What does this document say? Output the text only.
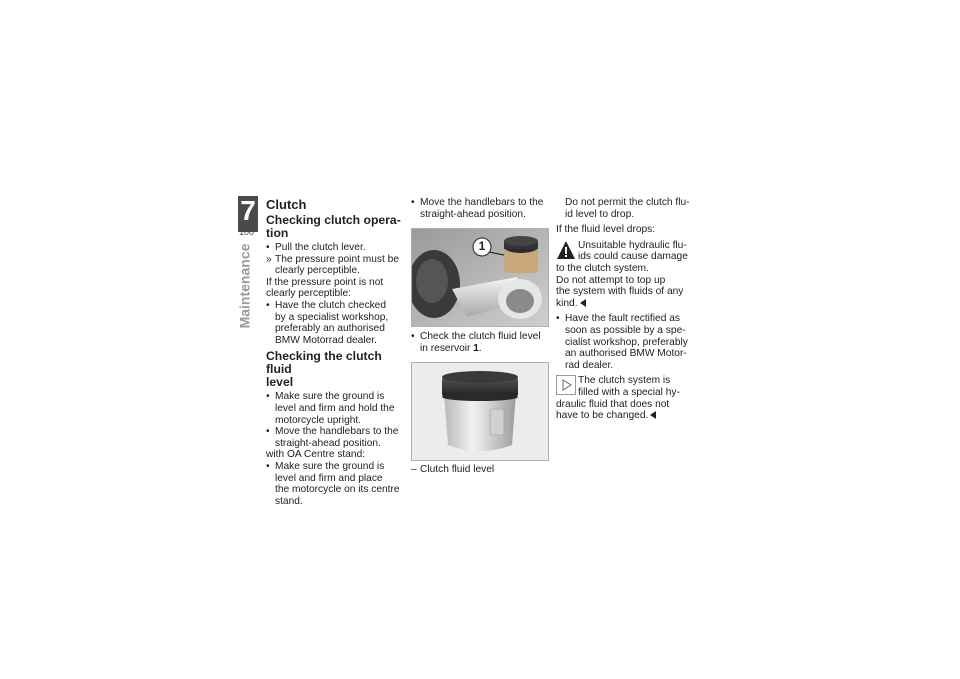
7
100
Maintenance
Clutch
Checking clutch opera-
tion
• Pull the clutch lever.
» The pressure point must be
clearly perceptible.
If the pressure point is not
clearly perceptible:
• Have the clutch checked
by a specialist workshop,
preferably an authorised
BMW Motorrad dealer.
Checking the clutch fluid
level
• Make sure the ground is
level and firm and hold the
motorcycle upright.
• Move the handlebars to the
straight-ahead position.
with OA Centre stand:
• Make sure the ground is
level and firm and place
the motorcycle on its centre
stand.
• Move the handlebars to the
straight-ahead position.
1
• Check the clutch fluid level
in reservoir 1.
– Clutch fluid level
Do not permit the clutch flu-
id level to drop.
If the fluid level drops:
Unsuitable hydraulic flu-
ids could cause damage
to the clutch system.
Do not attempt to top up
the system with fluids of any
kind.
• Have the fault rectified as
soon as possible by a spe-
cialist workshop, preferably
an authorised BMW Motor-
rad dealer.
The clutch system is
filled with a special hy-
draulic fluid that does not
have to be changed.
